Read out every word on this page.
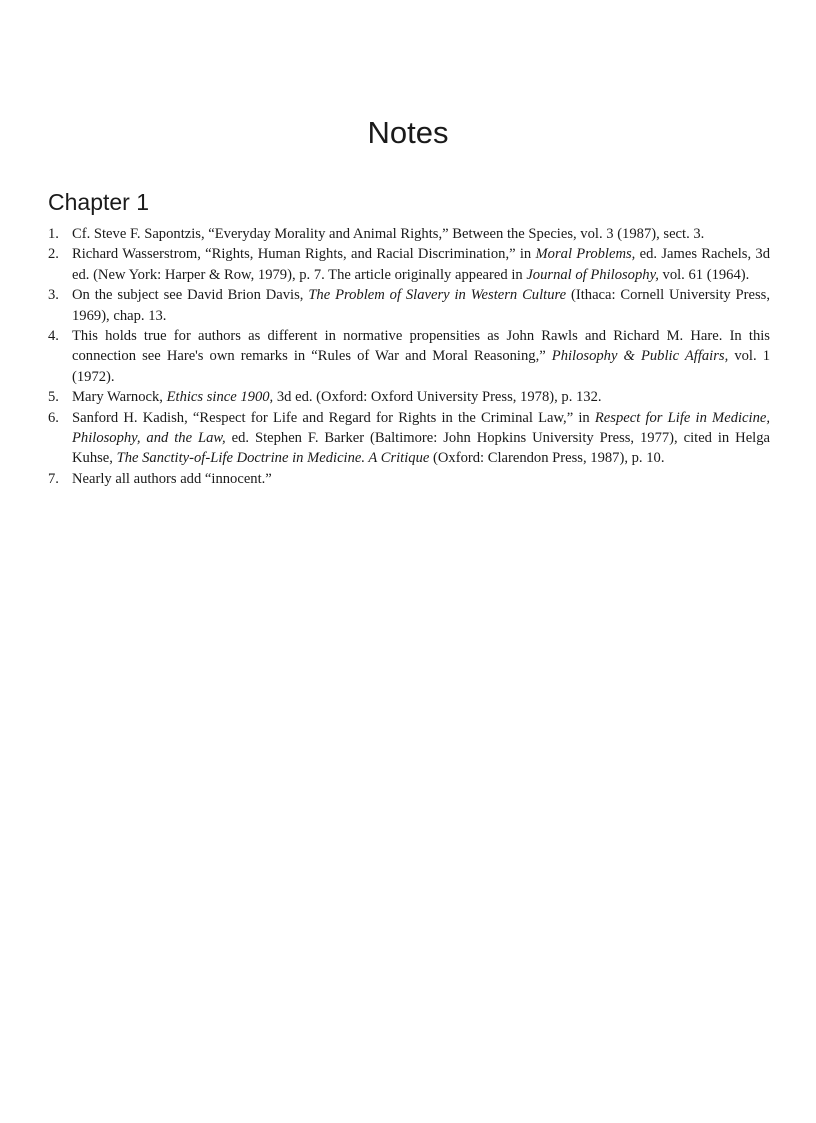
Notes
Chapter 1
1. Cf. Steve F. Sapontzis, “Everyday Morality and Animal Rights,” Between the Species, vol. 3 (1987), sect. 3.
2. Richard Wasserstrom, “Rights, Human Rights, and Racial Discrimination,” in Moral Problems, ed. James Rachels, 3d ed. (New York: Harper & Row, 1979), p. 7. The article originally appeared in Journal of Philosophy, vol. 61 (1964).
3. On the subject see David Brion Davis, The Problem of Slavery in Western Culture (Ithaca: Cornell University Press, 1969), chap. 13.
4. This holds true for authors as different in normative propensities as John Rawls and Richard M. Hare. In this connection see Hare's own remarks in “Rules of War and Moral Reasoning,” Philosophy & Public Affairs, vol. 1 (1972).
5. Mary Warnock, Ethics since 1900, 3d ed. (Oxford: Oxford University Press, 1978), p. 132.
6. Sanford H. Kadish, “Respect for Life and Regard for Rights in the Criminal Law,” in Respect for Life in Medicine, Philosophy, and the Law, ed. Stephen F. Barker (Baltimore: John Hopkins University Press, 1977), cited in Helga Kuhse, The Sanctity-of-Life Doctrine in Medicine. A Critique (Oxford: Clarendon Press, 1987), p. 10.
7. Nearly all authors add “innocent.”
